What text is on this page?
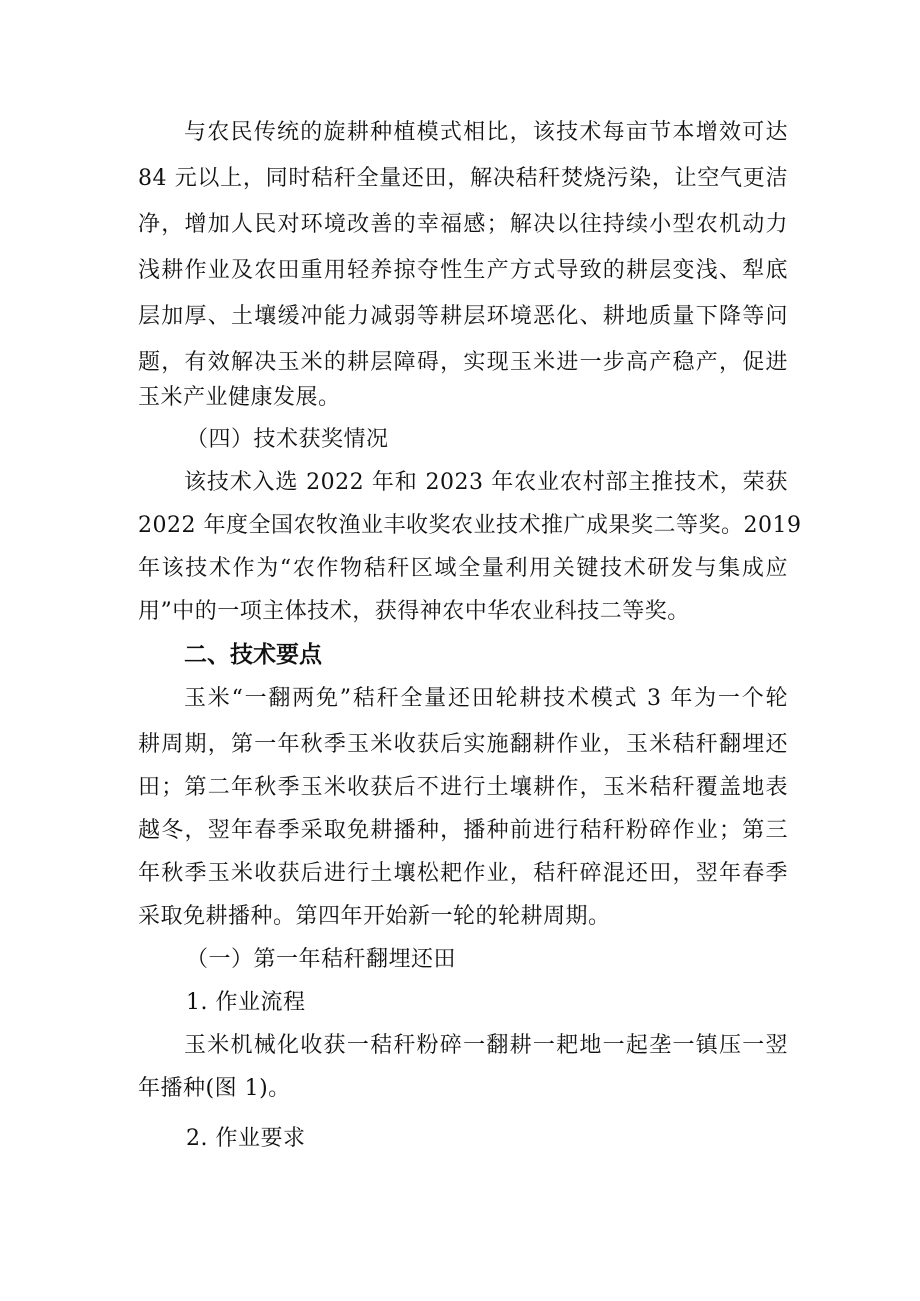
与农民传统的旋耕种植模式相比，该技术每亩节本增效可达
84 元以上，同时秸秆全量还田，解决秸秆焚烧污染，让空气更洁
净，增加人民对环境改善的幸福感；解决以往持续小型农机动力
浅耕作业及农田重用轻养掠夺性生产方式导致的耕层变浅、犁底
层加厚、土壤缓冲能力减弱等耕层环境恶化、耕地质量下降等问
题，有效解决玉米的耕层障碍，实现玉米进一步高产稳产，促进
玉米产业健康发展。
（四）技术获奖情况
该技术入选 2022 年和 2023 年农业农村部主推技术，荣获
2022 年度全国农牧渔业丰收奖农业技术推广成果奖二等奖。2019
年该技术作为“农作物秸秆区域全量利用关键技术研发与集成应
用”中的一项主体技术，获得神农中华农业科技二等奖。
二、技术要点
玉米“一翻两免”秸秆全量还田轮耕技术模式 3 年为一个轮
耕周期，第一年秋季玉米收获后实施翻耕作业，玉米秸秆翻埋还
田；第二年秋季玉米收获后不进行土壤耕作，玉米秸秆覆盖地表
越冬，翌年春季采取免耕播种，播种前进行秸秆粉碎作业；第三
年秋季玉米收获后进行土壤松耙作业，秸秆碎混还田，翌年春季
采取免耕播种。第四年开始新一轮的轮耕周期。
（一）第一年秸秆翻埋还田
1. 作业流程
玉米机械化收获一秸秆粉碎一翻耕一耙地一起垄一镇压一翌
年播种(图 1)。
2. 作业要求
